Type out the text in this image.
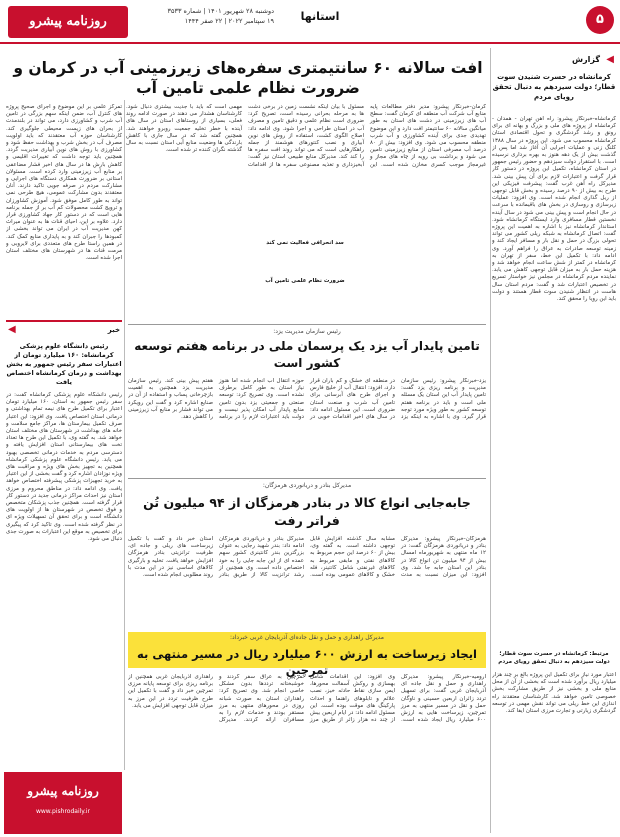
روزنامه پیشرو
دوشنبه ۲۸ شهریور ۱۴۰۱ | شماره ۳۵۳۳
۱۹ سپتامبر ۲۰۲۲ | ۲۲ صفر ۱۴۴۴	استانها	۵
◀
گزارش
کرمانشاه در حسرت شنیدن سوت قطار؛ دولت سیزدهم به دنبال تحقق رویای مردم
کرمانشاه-خبرنگار پیشرو: راه آهن تهران - همدان - کرمانشاه از پروژه های ملی و بزرگ و بهانه ای برای رونق و رشد گردشگری و تحول اقتصادی استان کرمانشاه محسوب می شود. این پروژه در سال ۱۳۸۸ کلنگ زنی و عملیات اجرایی آن آغاز شد اما پس از گذشت بیش از یک دهه هنوز به بهره برداری نرسیده است. با استقرار دولت سیزدهم و حضور رئیس جمهور در استان کرمانشاه، تکمیل این پروژه در دستور کار قرار گرفت و اعتبارات لازم برای آن پیش بینی شد. مدیرکل راه آهن غرب گفت: پیشرفت فیزیکی این طرح به بیش از ۹۰ درصد رسیده و بخش قابل توجهی از ریل گذاری انجام شده است. وی افزود: عملیات زیرسازی و روسازی در بخش های باقیمانده با سرعت در حال انجام است و پیش بینی می شود در سال آینده نخستین قطار مسافری وارد ایستگاه کرمانشاه شود. استاندار کرمانشاه نیز با اشاره به اهمیت این پروژه گفت: اتصال کرمانشاه به شبکه ریلی کشور می تواند تحولی بزرگ در حمل و نقل بار و مسافر ایجاد کند و زمینه توسعه صادرات به عراق را فراهم آورد. وی ادامه داد: با تکمیل این خط، سفر از تهران به کرمانشاه در کمتر از شش ساعت انجام خواهد شد و هزینه حمل بار به میزان قابل توجهی کاهش می یابد. نماینده مردم کرمانشاه در مجلس نیز خواستار تسریع در تخصیص اعتبارات شد و گفت: مردم استان سال هاست در انتظار شنیدن سوت قطار هستند و دولت باید این رویا را محقق کند.
مرتبط: کرمانشاه در حسرت سوت قطار؛ دولت سیزدهم به دنبال تحقق رویای مردم
اعتبار مورد نیاز برای تکمیل این پروژه بالغ بر چند هزار میلیارد ریال برآورد شده است که بخشی از آن از محل منابع ملی و بخشی نیز از طریق مشارکت بخش خصوصی تامین خواهد شد. کارشناسان معتقدند راه اندازی این خط ریلی می تواند نقش مهمی در توسعه گردشگری زیارتی و تجارت مرزی استان ایفا کند.
افت سالانه ۶۰ سانتیمتری سفره‌های زیرزمینی آب در کرمان و ضرورت نظام علمی تامین آب
کرمان-خبرنگار پیشرو: مدیر دفتر مطالعات پایه منابع آب شرکت آب منطقه ای کرمان گفت: سطح آب های زیرزمینی در دشت های استان به طور میانگین سالانه ۶۰ سانتیمتر افت دارد و این موضوع تهدیدی جدی برای آینده کشاورزی و آب شرب منطقه محسوب می شود. وی افزود: بیش از ۸۰ درصد آب مصرفی استان از منابع زیرزمینی تامین می شود و برداشت بی رویه از چاه های مجاز و غیرمجاز موجب کسری مخازن شده است. این مسئول با بیان اینکه نشست زمین در برخی دشت ها به مرحله بحرانی رسیده است، تصریح کرد: ضروری است نظام علمی و دقیق تامین و مصرف آب در استان طراحی و اجرا شود. وی ادامه داد: اصلاح الگوی کشت، استفاده از روش های نوین آبیاری و نصب کنتورهای هوشمند از جمله راهکارهایی است که می تواند روند افت سفره ها را کند کند. مدیرکل منابع طبیعی استان نیز گفت: آبخیزداری و تغذیه مصنوعی سفره ها از اقدامات مهمی است که باید با جدیت بیشتری دنبال شود. کارشناسان هشدار می دهند در صورت ادامه روند فعلی، بسیاری از روستاهای استان در سال های آینده با خطر تخلیه جمعیت روبرو خواهند شد. همچنین گفته شد که در سال جاری با کاهش بارندگی ها وضعیت منابع آبی استان نسبت به سال گذشته نگران کننده تر شده است.
سد انحرافی فعالیت نمی کند
ضرورت نظام علمی تامین آب
تمرکز علمی بر این موضوع و اجرای صحیح پروژه های کنترل آب، ضمن اینکه سهم بزرگی در تامین آب شرب و کشاورزی دارد، می تواند در بلندمدت از بحران های زیست محیطی جلوگیری کند. کارشناسان حوزه آب معتقدند که باید اولویت مصرف آب در بخش شرب و بهداشت حفظ شود و کشاورزی با روش های نوین آبیاری مدیریت گردد. همچنین باید توجه داشت که تغییرات اقلیمی و کاهش بارش ها در سال های اخیر فشار مضاعفی بر منابع آب زیرزمینی وارد کرده است. مسئولان استانی بر ضرورت همکاری دستگاه های اجرایی و مشارکت مردم در صرفه جویی تاکید دارند. آنان معتقدند بدون مشارکت عمومی، هیچ طرحی نمی تواند به طور کامل موفق شود. آموزش کشاورزان و ترویج کشت محصولات کم آب بر از جمله برنامه هایی است که در دستور کار جهاد کشاورزی قرار دارد. علاوه بر این، احیای قنات ها به عنوان میراث کهن مدیریت آب در ایران می تواند بخشی از کمبودها را جبران کند و به پایداری منابع کمک کند. در همین راستا طرح های متعددی برای لایروبی و مرمت قنات ها در شهرستان های مختلف استان اجرا شده است.
◀	خبر
رئیس دانشگاه علوم پزشکی کرمانشاه: ۱۶۰ میلیارد تومان از اعتبارات سفر رئیس جمهور به بخش بهداشت و درمان کرمانشاه اختصاص یافت
رئیس دانشگاه علوم پزشکی کرمانشاه گفت: در سفر رئیس جمهور به استان، ۱۶۰ میلیارد تومان اعتبار برای تکمیل طرح های نیمه تمام بهداشتی و درمانی استان اختصاص یافت. وی افزود: این اعتبار صرف تکمیل بیمارستان ها، مراکز جامع سلامت و خانه های بهداشت در شهرستان های مختلف استان خواهد شد. به گفته وی، با تکمیل این طرح ها تعداد تخت های بیمارستانی استان افزایش یافته و دسترسی مردم به خدمات درمانی تخصصی بهبود می یابد. رئیس دانشگاه علوم پزشکی کرمانشاه همچنین به تجهیز بخش های ویژه و مراقبت های ویژه نوزادان اشاره کرد و گفت بخشی از این اعتبار به خرید تجهیزات پزشکی پیشرفته اختصاص خواهد یافت. وی ادامه داد: در مناطق محروم و مرزی استان نیز احداث مراکز درمانی جدید در دستور کار قرار گرفته است. همچنین جذب پزشکان متخصص و فوق تخصص در شهرستان ها از اولویت های دانشگاه است و برای تحقق آن تسهیلات ویژه ای در نظر گرفته شده است. وی تاکید کرد که پیگیری برای تخصیص به موقع این اعتبارات به صورت جدی دنبال می شود.
رئیس سازمان مدیریت یزد:
تامین پایدار آب یزد یک پرسمان ملی در برنامه هفتم توسعه کشور است
یزد-خبرنگار پیشرو: رئیس سازمان مدیریت و برنامه ریزی یزد گفت: تامین پایدار آب این استان یک مسئله ملی است و باید در برنامه هفتم توسعه کشور به طور ویژه مورد توجه قرار گیرد. وی با اشاره به اینکه یزد در منطقه ای خشک و کم باران قرار دارد، افزود: انتقال آب از خلیج فارس و اجرای طرح های آبرسانی برای تامین آب شرب و صنعت استان ضروری است. این مسئول ادامه داد: در سال های اخیر اقدامات خوبی در حوزه انتقال آب انجام شده اما هنوز نیاز استان به طور کامل برطرف نشده است. وی تصریح کرد: توسعه صنعتی و جمعیتی یزد بدون تامین منابع پایدار آب امکان پذیر نیست و دولت باید اعتبارات لازم را در برنامه هفتم پیش بینی کند. رئیس سازمان مدیریت یزد همچنین به اهمیت بازچرخانی پساب و استفاده از آن در صنایع اشاره کرد و گفت این رویکرد می تواند فشار بر منابع آب زیرزمینی را کاهش دهد.
مدیرکل بنادر و دریانوردی هرمزگان:
جابه‌جایی انواع کالا در بنادر هرمزگان از ۹۴ میلیون تُن فراتر رفت
هرمزگان-خبرنگار پیشرو: مدیرکل بنادر و دریانوردی هرمزگان گفت: در ۱۲ ماه منتهی به شهریورماه امسال بیش از ۹۴ میلیون تن انواع کالا در بنادر این استان جابه جا شد. وی افزود: این میزان نسبت به مدت مشابه سال گذشته افزایش قابل توجهی داشته است. به گفته وی، بیش از ۶۰ درصد این حجم مربوط به کالاهای نفتی و مابقی مربوط به کالاهای غیرنفتی شامل کانتینر، فله خشک و کالاهای عمومی بوده است. مدیرکل بنادر و دریانوردی هرمزگان ادامه داد: بندر شهید رجایی به عنوان بزرگترین بندر کانتینری کشور سهم عمده ای از این جابه جایی را به خود اختصاص داده است. وی همچنین از رشد ترانزیت کالا از طریق بنادر استان خبر داد و گفت با تکمیل زیرساخت های ریلی و جاده ای، ظرفیت ترانزیتی بنادر هرمزگان افزایش خواهد یافت. تخلیه و بارگیری کالاهای اساسی نیز در این مدت با روند مطلوبی انجام شده است.
مدیرکل راهداری و حمل و نقل جاده‌ای آذربایجان غربی خبرداد:
ایجاد زیرساخت به ارزش ۶۰۰ میلیارد ریال در مسیر منتهی به تمرچین	ارومیه-خبرنگار پیشرو: مدیرکل راهداری و حمل و نقل جاده ای آذربایجان غربی گفت: برای تسهیل تردد زائران اربعین حسینی و ناوگان حمل و نقل در مسیر منتهی به مرز تمرچین، زیرساخت هایی به ارزش ۶۰۰ میلیارد ریال ایجاد شده است. وی افزود: این اقدامات شامل بهسازی و روکش آسفالت محورها، ایمن سازی نقاط حادثه خیز، نصب علائم و تابلوهای راهنما و احداث پارکینگ های موقت بوده است. این مسئول ادامه داد: در ایام اربعین بیش از چند ده هزار زائر از طریق مرز تمرچین به عراق سفر کردند و خوشبختانه ترددها بدون مشکل خاصی انجام شد. وی تصریح کرد: راهداران استان به صورت شبانه روزی در محورهای منتهی به مرز مستقر بودند و خدمات لازم را به مسافران ارائه کردند. مدیرکل راهداری آذربایجان غربی همچنین از برنامه ریزی برای توسعه پایانه مرزی تمرچین خبر داد و گفت با تکمیل این طرح ظرفیت تردد در این مرز به میزان قابل توجهی افزایش می یابد.
روزنامه پیشرو
www.pishrodaily.ir
